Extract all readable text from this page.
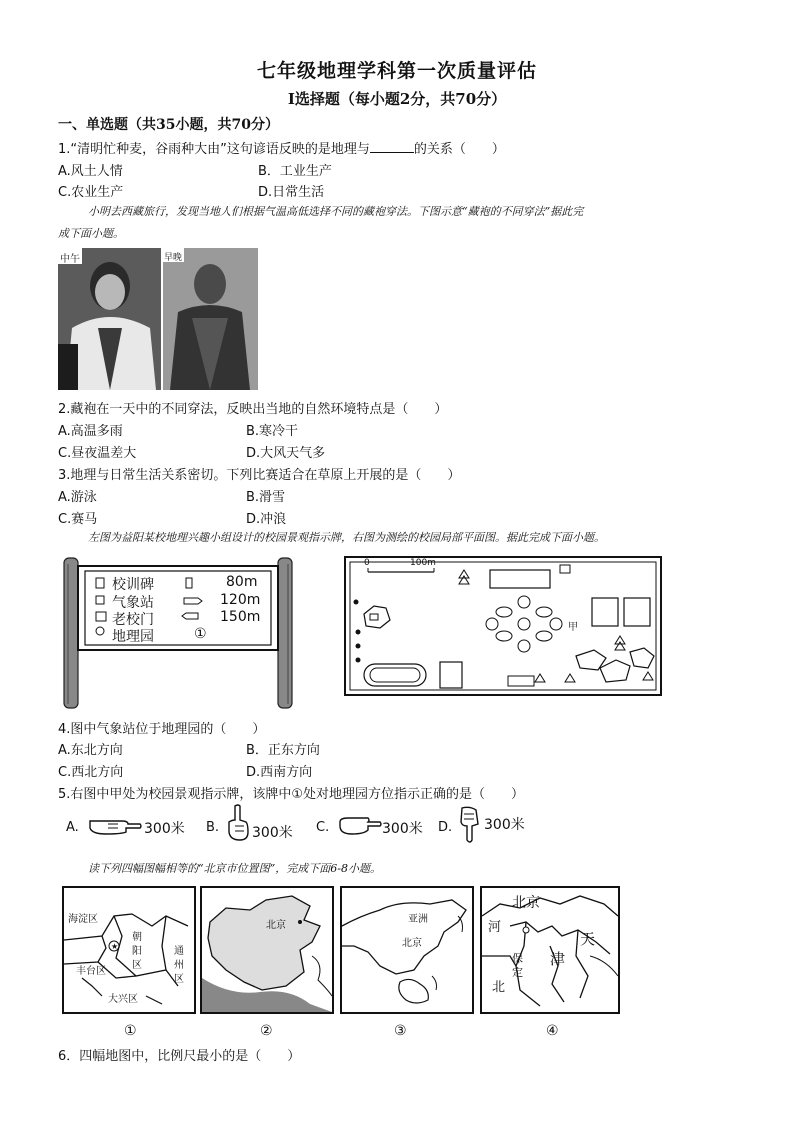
七年级地理学科第一次质量评估
Ⅰ选择题（每小题2分，共70分）
一、单选题（共35小题，共70分）
1.“清明忙种麦，谷雨种大由”这句谚语反映的是地理与	的关系（　　）
A.风土人情	B．工业生产
C.农业生产	D.日常生活
小明去西藏旅行，发现当地人们根据气温高低选择不同的藏袍穿法。下图示意“藏袍的不同穿法”据此完
成下面小题。
中午	早晚
2.藏袍在一天中的不同穿法，反映出当地的自然环境特点是（　　）
A.高温多雨	B.寒冷干
C.昼夜温差大	D.大风天气多
3.地理与日常生活关系密切。下列比赛适合在草原上开展的是（　　）
A.游泳	B.滑雪
C.赛马	D.冲浪
左图为益阳某校地理兴趣小组设计的校园景观指示牌，右图为测绘的校园局部平面图。据此完成下面小题。
校训碑	80m
气象站	120m
老校门	150m
地理园	①
0	100m
甲
4.图中气象站位于地理园的（　　）
A.东北方向	B．正东方向
C.西北方向	D.西南方向
5.右图中甲处为校园景观指示牌，该牌中①处对地理园方位指示正确的是（　　）
A.	300米 B. 300米 C.	300米 D. 300米
读下列四幅图幅相等的“北京市位置图”，完成下面6-8小题。
★
海淀区
朝
阳
区
丰台区
通
州
区
大兴区
北京
亚洲
北京
北京
河
天
津
北
保
定
①	②	③	④
6．四幅地图中，比例尺最小的是（　　）
